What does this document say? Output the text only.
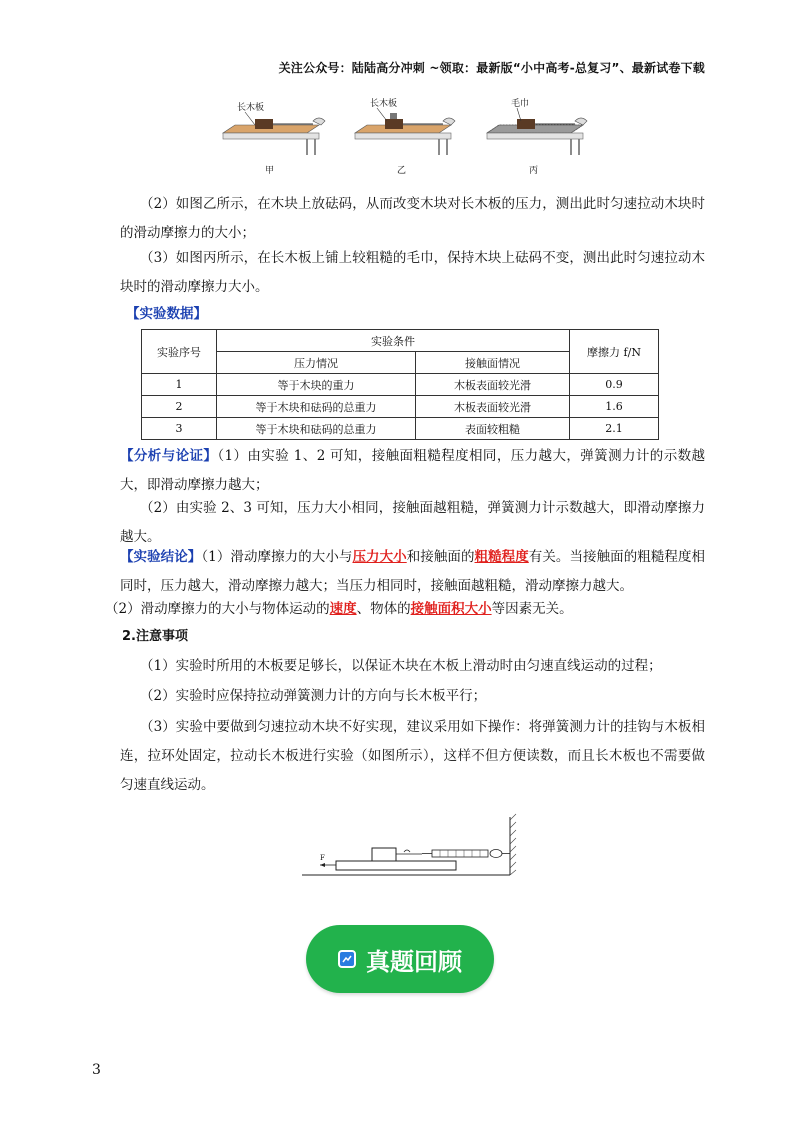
关注公众号：陆陆高分冲刺 ~领取：最新版“小中高考-总复习”、最新试卷下载
长木板
甲
长木板
乙
毛巾
丙
（2）如图乙所示，在木块上放砝码，从而改变木块对长木板的压力，测出此时匀速拉动木块时的滑动摩擦力的大小；
（3）如图丙所示，在长木板上铺上较粗糙的毛巾，保持木块上砝码不变，测出此时匀速拉动木块时的滑动摩擦力大小。
【实验数据】
实验序号	实验条件		摩擦力 f/N
	压力情况	接触面情况	
1	等于木块的重力	木板表面较光滑	0.9
2	等于木块和砝码的总重力	木板表面较光滑	1.6
3	等于木块和砝码的总重力	表面较粗糙	2.1
【分析与论证】（1）由实验 1、2 可知，接触面粗糙程度相同，压力越大，弹簧测力计的示数越大，即滑动摩擦力越大；
（2）由实验 2、3 可知，压力大小相同，接触面越粗糙，弹簧测力计示数越大，即滑动摩擦力越大。
【实验结论】（1）滑动摩擦力的大小与压力大小和接触面的粗糙程度有关。当接触面的粗糙程度相同时，压力越大，滑动摩擦力越大；当压力相同时，接触面越粗糙，滑动摩擦力越大。
（2）滑动摩擦力的大小与物体运动的速度、物体的接触面积大小等因素无关。
2.注意事项
（1）实验时所用的木板要足够长，以保证木块在木板上滑动时由匀速直线运动的过程；
（2）实验时应保持拉动弹簧测力计的方向与长木板平行；
（3）实验中要做到匀速拉动木块不好实现，建议采用如下操作：将弹簧测力计的挂钩与木板相连，拉环处固定，拉动长木板进行实验（如图所示），这样不但方便读数，而且长木板也不需要做匀速直线运动。
F
真题回顾
3
